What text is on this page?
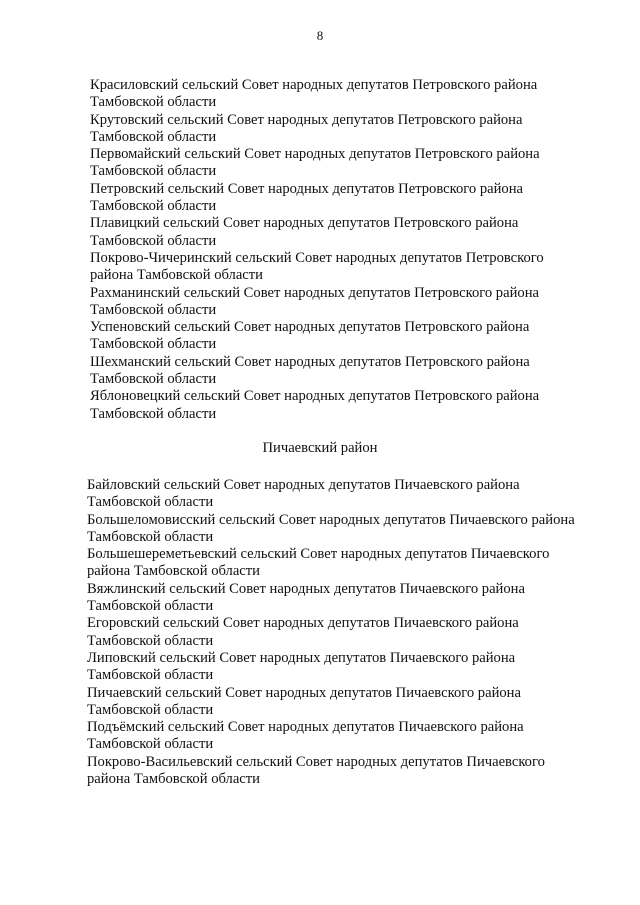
8

Красиловский сельский Совет народных депутатов Петровского района
Тамбовской области

Крутовский сельский Совет народных депутатов Петровского района
Тамбовской области

Первомайский сельский Совет народных депутатов Петровского района
Тамбовской области

Петровский сельский Совет народных депутатов Петровского района
Тамбовской области

Плавицкий сельский Совет народных депутатов Петровского района
Тамбовской области

Покрово-Чичеринский сельский Совет народных депутатов Петровского
района Тамбовской области

Рахманинский сельский Совет народных депутатов Петровского района
Тамбовской области

Успеновский сельский Совет народных депутатов Петровского района
Тамбовской области

Шехманский сельский Совет народных депутатов Петровского района
Тамбовской области

Яблоновецкий сельский Совет народных депутатов Петровского района
Тамбовской области

Пичаевский район

Байловский сельский Совет народных депутатов Пичаевского района
Тамбовской области

Большеломовисский сельский Совет народных депутатов Пичаевского района
Тамбовской области

Большешереметьевский сельский Совет народных депутатов Пичаевского
района Тамбовской области

Вяжлинский сельский Совет народных депутатов Пичаевского района
Тамбовской области

Егоровский сельский Совет народных депутатов Пичаевского района
Тамбовской области

Липовский сельский Совет народных депутатов Пичаевского района
Тамбовской области

Пичаевский сельский Совет народных депутатов Пичаевского района
Тамбовской области

Подъёмский сельский Совет народных депутатов Пичаевского района
Тамбовской области

Покрово-Васильевский сельский Совет народных депутатов Пичаевского
района Тамбовской области
